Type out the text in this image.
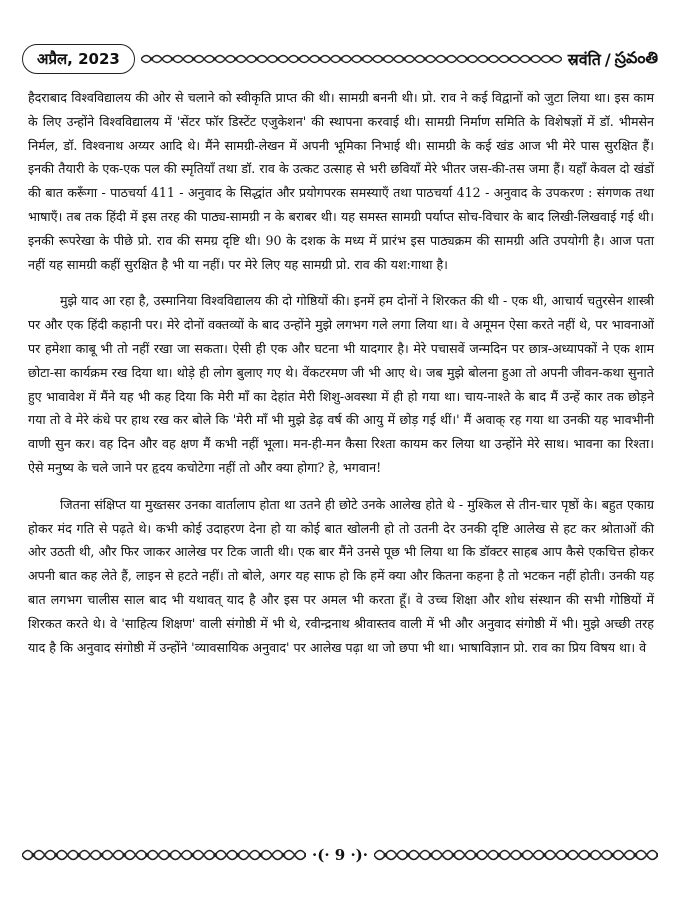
अप्रैल, 2023	स्रवंति / స్రవంతి

हैदराबाद विश्वविद्यालय की ओर से चलाने को स्वीकृति प्राप्त की थी। सामग्री बननी थी। प्रो. राव ने कई विद्वानों को जुटा लिया था। इस काम के लिए उन्होंने विश्वविद्यालय में 'सेंटर फॉर डिस्टेंट एजुकेशन' की स्थापना करवाई थी। सामग्री निर्माण समिति के विशेषज्ञों में डॉ. भीमसेन निर्मल, डॉ. विश्वनाथ अय्यर आदि थे। मैंने सामग्री-लेखन में अपनी भूमिका निभाई थी। सामग्री के कई खंड आज भी मेरे पास सुरक्षित हैं। इनकी तैयारी के एक-एक पल की स्मृतियाँ तथा डॉ. राव के उत्कट उत्साह से भरी छवियाँ मेरे भीतर जस-की-तस जमा हैं। यहाँ केवल दो खंडों की बात करूँगा - पाठचर्या 411 - अनुवाद के सिद्धांत और प्रयोगपरक समस्याएँ तथा पाठचर्या 412 - अनुवाद के उपकरण : संगणक तथा भाषाएँ। तब तक हिंदी में इस तरह की पाठ्य-सामग्री न के बराबर थी। यह समस्त सामग्री पर्याप्त सोच-विचार के बाद लिखी-लिखवाई गई थी। इनकी रूपरेखा के पीछे प्रो. राव की समग्र दृष्टि थी। 90 के दशक के मध्य में प्रारंभ इस पाठ्यक्रम की सामग्री अति उपयोगी है। आज पता नहीं यह सामग्री कहीं सुरक्षित है भी या नहीं। पर मेरे लिए यह सामग्री प्रो. राव की यश:गाथा है।

मुझे याद आ रहा है, उस्मानिया विश्वविद्यालय की दो गोष्ठियों की। इनमें हम दोनों ने शिरकत की थी - एक थी, आचार्य चतुरसेन शास्त्री पर और एक हिंदी कहानी पर। मेरे दोनों वक्तव्यों के बाद उन्होंने मुझे लगभग गले लगा लिया था। वे अमूमन ऐसा करते नहीं थे, पर भावनाओं पर हमेशा काबू भी तो नहीं रखा जा सकता। ऐसी ही एक और घटना भी यादगार है। मेरे पचासवें जन्मदिन पर छात्र-अध्यापकों ने एक शाम छोटा-सा कार्यक्रम रख दिया था। थोड़े ही लोग बुलाए गए थे। वेंकटरमण जी भी आए थे। जब मुझे बोलना हुआ तो अपनी जीवन-कथा सुनाते हुए भावावेश में मैंने यह भी कह दिया कि मेरी माँ का देहांत मेरी शिशु-अवस्था में ही हो गया था। चाय-नाश्ते के बाद मैं उन्हें कार तक छोड़ने गया तो वे मेरे कंधे पर हाथ रख कर बोले कि 'मेरी माँ भी मुझे डेढ़ वर्ष की आयु में छोड़ गई थीं।' मैं अवाक् रह गया था उनकी यह भावभीनी वाणी सुन कर। वह दिन और वह क्षण मैं कभी नहीं भूला। मन-ही-मन कैसा रिश्ता कायम कर लिया था उन्होंने मेरे साथ। भावना का रिश्ता। ऐसे मनुष्य के चले जाने पर हृदय कचोटेगा नहीं तो और क्या होगा? हे, भगवान!

जितना संक्षिप्त या मुख्तसर उनका वार्तालाप होता था उतने ही छोटे उनके आलेख होते थे - मुश्किल से तीन-चार पृष्ठों के। बहुत एकाग्र होकर मंद गति से पढ़ते थे। कभी कोई उदाहरण देना हो या कोई बात खोलनी हो तो उतनी देर उनकी दृष्टि आलेख से हट कर श्रोताओं की ओर उठती थी, और फिर जाकर आलेख पर टिक जाती थी। एक बार मैंने उनसे पूछ भी लिया था कि डॉक्टर साहब आप कैसे एकचित्त होकर अपनी बात कह लेते हैं, लाइन से हटते नहीं। तो बोले, अगर यह साफ हो कि हमें क्या और कितना कहना है तो भटकन नहीं होती। उनकी यह बात लगभग चालीस साल बाद भी यथावत् याद है और इस पर अमल भी करता हूँ। वे उच्च शिक्षा और शोध संस्थान की सभी गोष्ठियों में शिरकत करते थे। वे 'साहित्य शिक्षण' वाली संगोष्ठी में भी थे, रवीन्द्रनाथ श्रीवास्तव वाली में भी और अनुवाद संगोष्ठी में भी। मुझे अच्छी तरह याद है कि अनुवाद संगोष्ठी में उन्होंने 'व्यावसायिक अनुवाद' पर आलेख पढ़ा था जो छपा भी था। भाषाविज्ञान प्रो. राव का प्रिय विषय था। वे

·(· 9 ·)·
